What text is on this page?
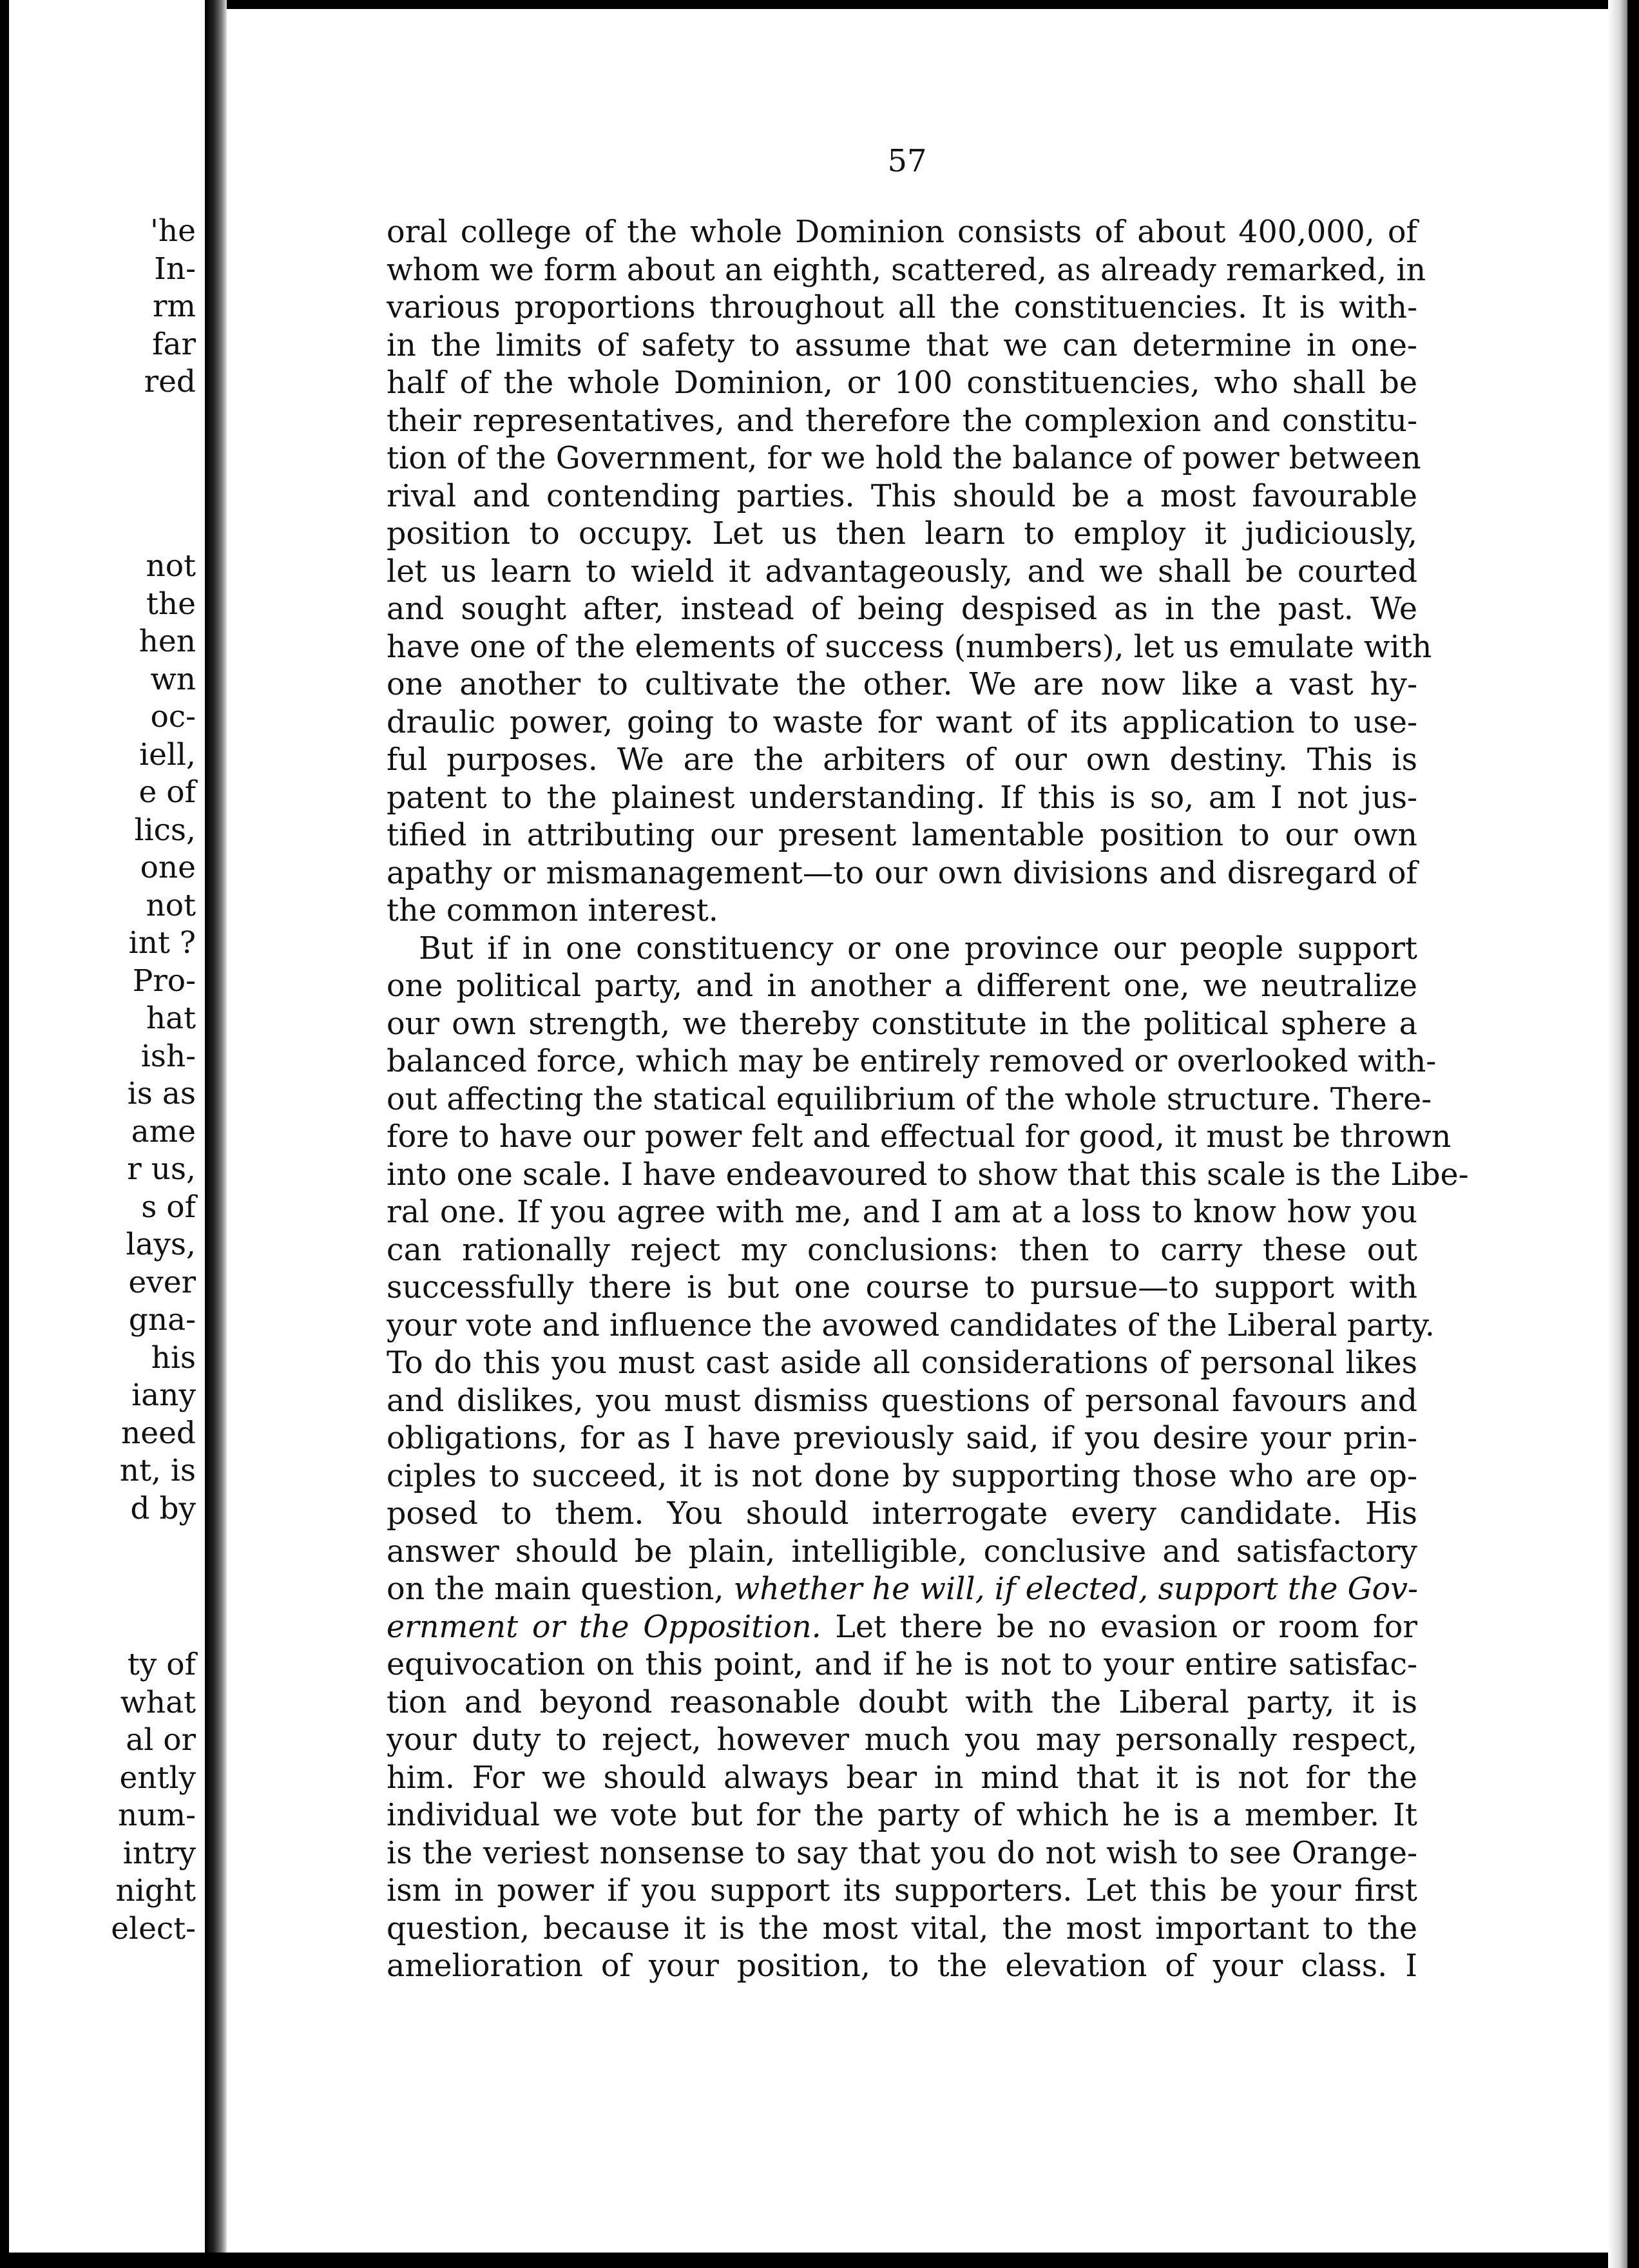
'he
In-
rm
far
red
not
the
hen
wn
oc-
iell,
e of
lics,
one
not
int ?
Pro-
hat
ish-
is as
ame
r us,
s of
lays,
ever
gna-
his
iany
need
nt, is
d by
ty of
what
al or
ently
num-
intry
night
elect-
57
oral college of the whole Dominion consists of about 400,000, of
whom we form about an eighth, scattered, as already remarked, in
various proportions throughout all the constituencies. It is with-
in the limits of safety to assume that we can determine in one-
half of the whole Dominion, or 100 constituencies, who shall be
their representatives, and therefore the complexion and constitu-
tion of the Government, for we hold the balance of power between
rival and contending parties. This should be a most favourable
position to occupy. Let us then learn to employ it judiciously,
let us learn to wield it advantageously, and we shall be courted
and sought after, instead of being despised as in the past. We
have one of the elements of success (numbers), let us emulate with
one another to cultivate the other. We are now like a vast hy-
draulic power, going to waste for want of its application to use-
ful purposes. We are the arbiters of our own destiny. This is
patent to the plainest understanding. If this is so, am I not jus-
tified in attributing our present lamentable position to our own
apathy or mismanagement—to our own divisions and disregard of
the common interest.
But if in one constituency or one province our people support
one political party, and in another a different one, we neutralize
our own strength, we thereby constitute in the political sphere a
balanced force, which may be entirely removed or overlooked with-
out affecting the statical equilibrium of the whole structure. There-
fore to have our power felt and effectual for good, it must be thrown
into one scale. I have endeavoured to show that this scale is the Libe-
ral one. If you agree with me, and I am at a loss to know how you
can rationally reject my conclusions: then to carry these out
successfully there is but one course to pursue—to support with
your vote and influence the avowed candidates of the Liberal party.
To do this you must cast aside all considerations of personal likes
and dislikes, you must dismiss questions of personal favours and
obligations, for as I have previously said, if you desire your prin-
ciples to succeed, it is not done by supporting those who are op-
posed to them. You should interrogate every candidate. His
answer should be plain, intelligible, conclusive and satisfactory
on the main question, whether he will, if elected, support the Gov-
ernment or the Opposition. Let there be no evasion or room for
equivocation on this point, and if he is not to your entire satisfac-
tion and beyond reasonable doubt with the Liberal party, it is
your duty to reject, however much you may personally respect,
him. For we should always bear in mind that it is not for the
individual we vote but for the party of which he is a member. It
is the veriest nonsense to say that you do not wish to see Orange-
ism in power if you support its supporters. Let this be your first
question, because it is the most vital, the most important to the
amelioration of your position, to the elevation of your class. I
